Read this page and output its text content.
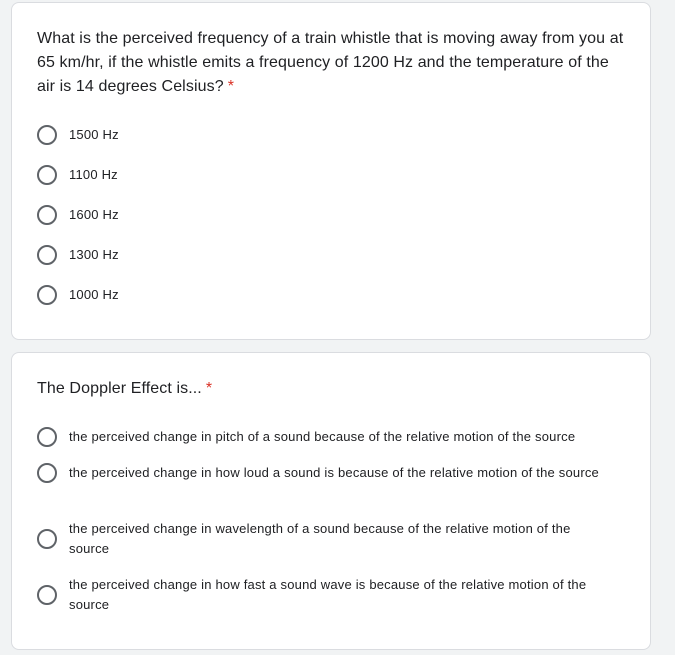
What is the perceived frequency of a train whistle that is moving away from you at 65 km/hr, if the whistle emits a frequency of 1200 Hz and the temperature of the air is 14 degrees Celsius? *
1500 Hz
1100 Hz
1600 Hz
1300 Hz
1000 Hz
The Doppler Effect is... *
the perceived change in pitch of a sound because of the relative motion of the source
the perceived change in how loud a sound is because of the relative motion of the source
the perceived change in wavelength of a sound because of the relative motion of the source
the perceived change in how fast a sound wave is because of the relative motion of the source
